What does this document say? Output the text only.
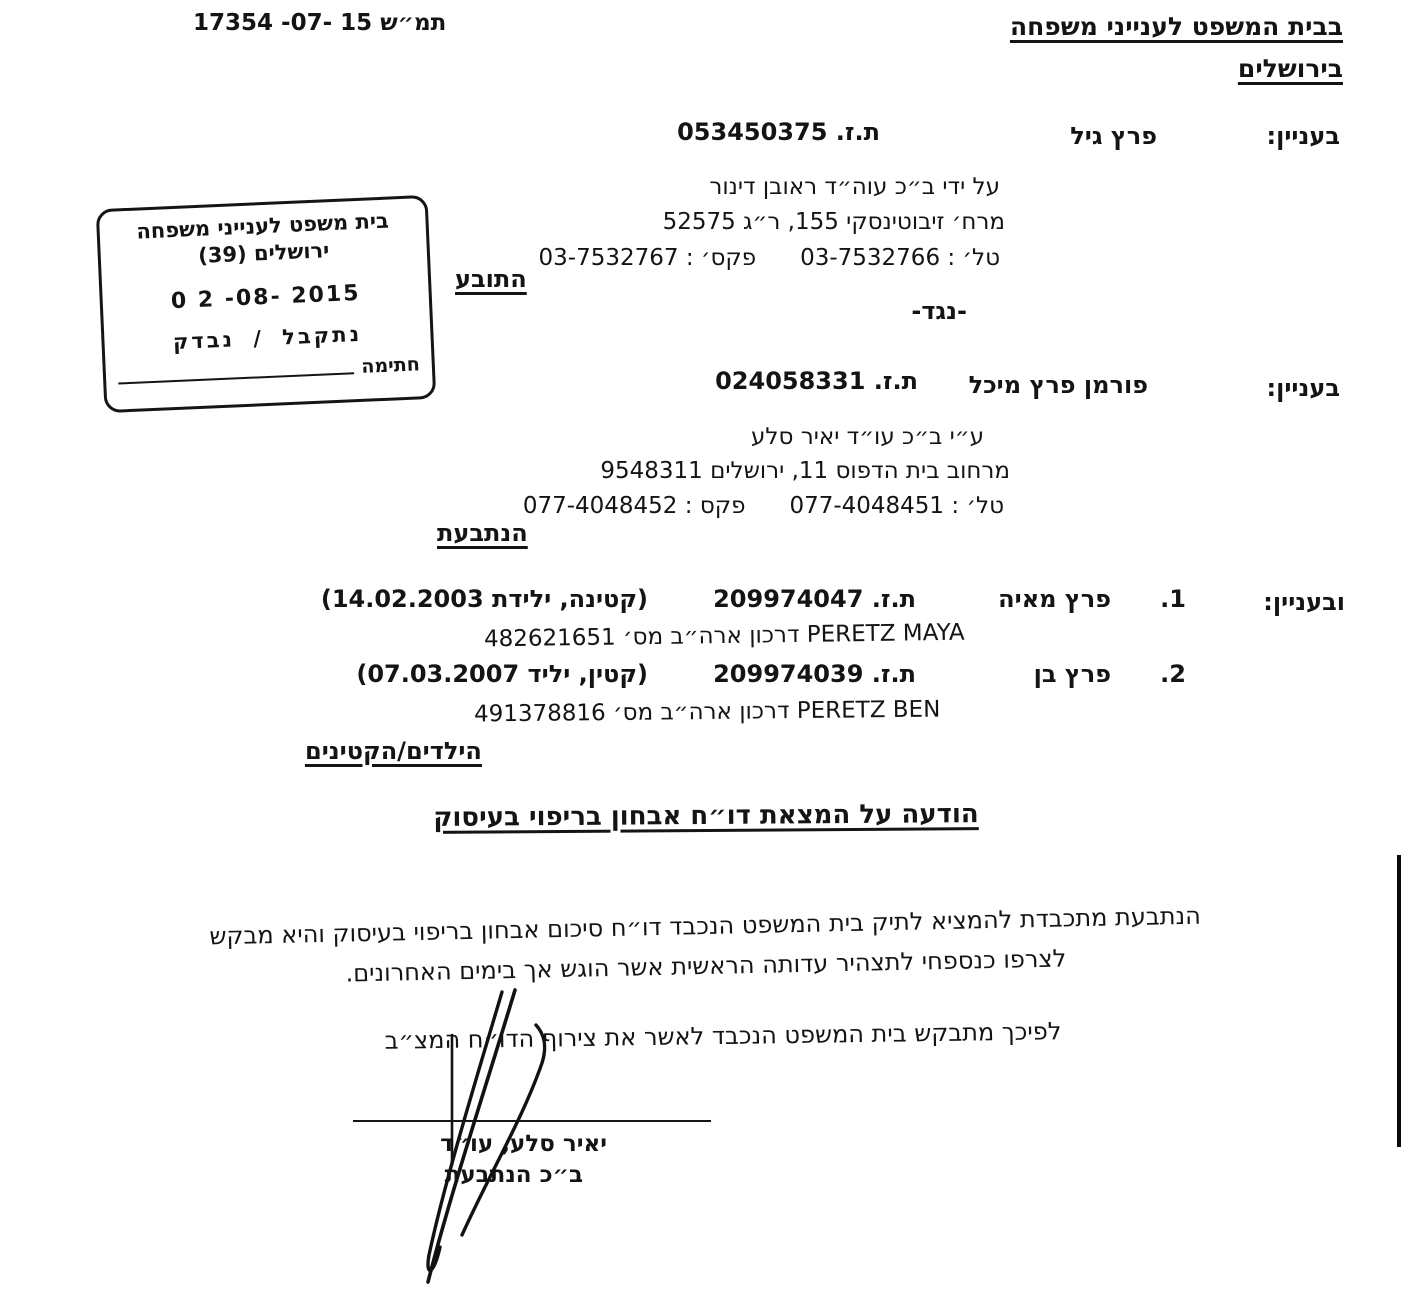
תמ״ש 15 -07- 17354	בבית המשפט לענייני משפחה
בירושלים
בעניין:
פרץ גיל
ת.ז. 053450375
על ידי ב״כ עוה״ד ראובן דינור
מרח׳ זיבוטינסקי 155, ר״ג 52575
טל׳ : 03-7532766
פקס׳ : 03-7532767
התובע
בית משפט לענייני משפחה
ירושלים (39)
0 2 -08- 2015
נתקבל / נבדק
חתימה
-נגד-
בעניין:
פורמן פרץ מיכל
ת.ז. 024058331
ע״י ב״כ עו״ד יאיר סלע
מרחוב בית הדפוס 11, ירושלים 9548311
טל׳ : 077-4048451
פקס : 077-4048452
הנתבעת
ובעניין:
1.
פרץ מאיה
ת.ז. 209974047
(קטינה, ילידת 14.02.2003)
PERETZ MAYA דרכון ארה״ב מס׳ 482621651
2.
פרץ בן
ת.ז. 209974039
(קטין, יליד 07.03.2007)
PERETZ BEN דרכון ארה״ב מס׳ 491378816
הילדים/הקטינים
הודעה על המצאת דו״ח אבחון בריפוי בעיסוק
הנתבעת מתכבדת להמציא לתיק בית המשפט הנכבד דו״ח סיכום אבחון בריפוי בעיסוק והיא מבקש
לצרפו כנספחי לתצהיר עדותה הראשית אשר הוגש אך בימים האחרונים.
לפיכך מתבקש בית המשפט הנכבד לאשר את צירוף הדו״ח המצ״ב
יאיר סלע, עו״ד
ב״כ הנתבעת
